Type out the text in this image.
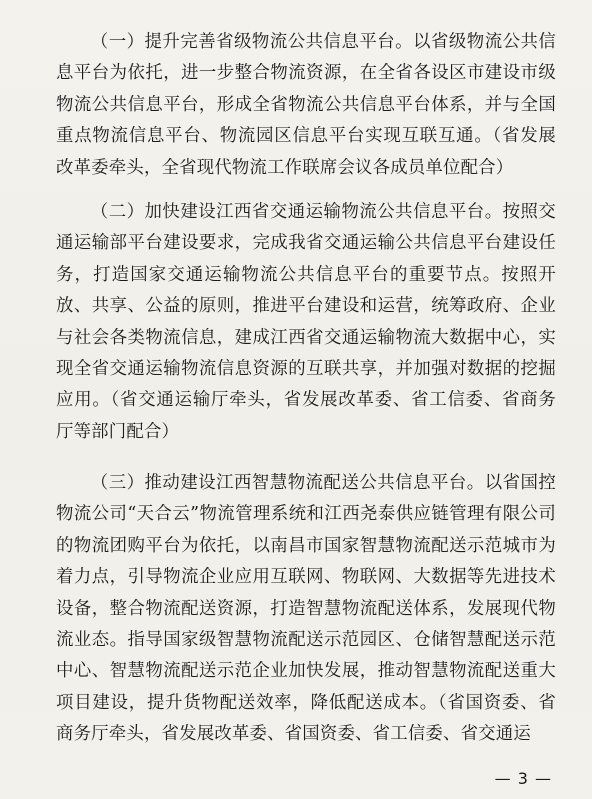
（一）提升完善省级物流公共信息平台。以省级物流公共信息平台为依托，进一步整合物流资源，在全省各设区市建设市级物流公共信息平台，形成全省物流公共信息平台体系，并与全国重点物流信息平台、物流园区信息平台实现互联互通。（省发展改革委牵头，全省现代物流工作联席会议各成员单位配合）

（二）加快建设江西省交通运输物流公共信息平台。按照交通运输部平台建设要求，完成我省交通运输公共信息平台建设任务，打造国家交通运输物流公共信息平台的重要节点。按照开放、共享、公益的原则，推进平台建设和运营，统筹政府、企业与社会各类物流信息，建成江西省交通运输物流大数据中心，实现全省交通运输物流信息资源的互联共享，并加强对数据的挖掘应用。（省交通运输厅牵头，省发展改革委、省工信委、省商务厅等部门配合）

（三）推动建设江西智慧物流配送公共信息平台。以省国控物流公司“天合云”物流管理系统和江西尧泰供应链管理有限公司的物流团购平台为依托，以南昌市国家智慧物流配送示范城市为着力点，引导物流企业应用互联网、物联网、大数据等先进技术设备，整合物流配送资源，打造智慧物流配送体系，发展现代物流业态。指导国家级智慧物流配送示范园区、仓储智慧配送示范中心、智慧物流配送示范企业加快发展，推动智慧物流配送重大项目建设，提升货物配送效率，降低配送成本。（省国资委、省商务厅牵头，省发展改革委、省国资委、省工信委、省交通运

— 3 —
